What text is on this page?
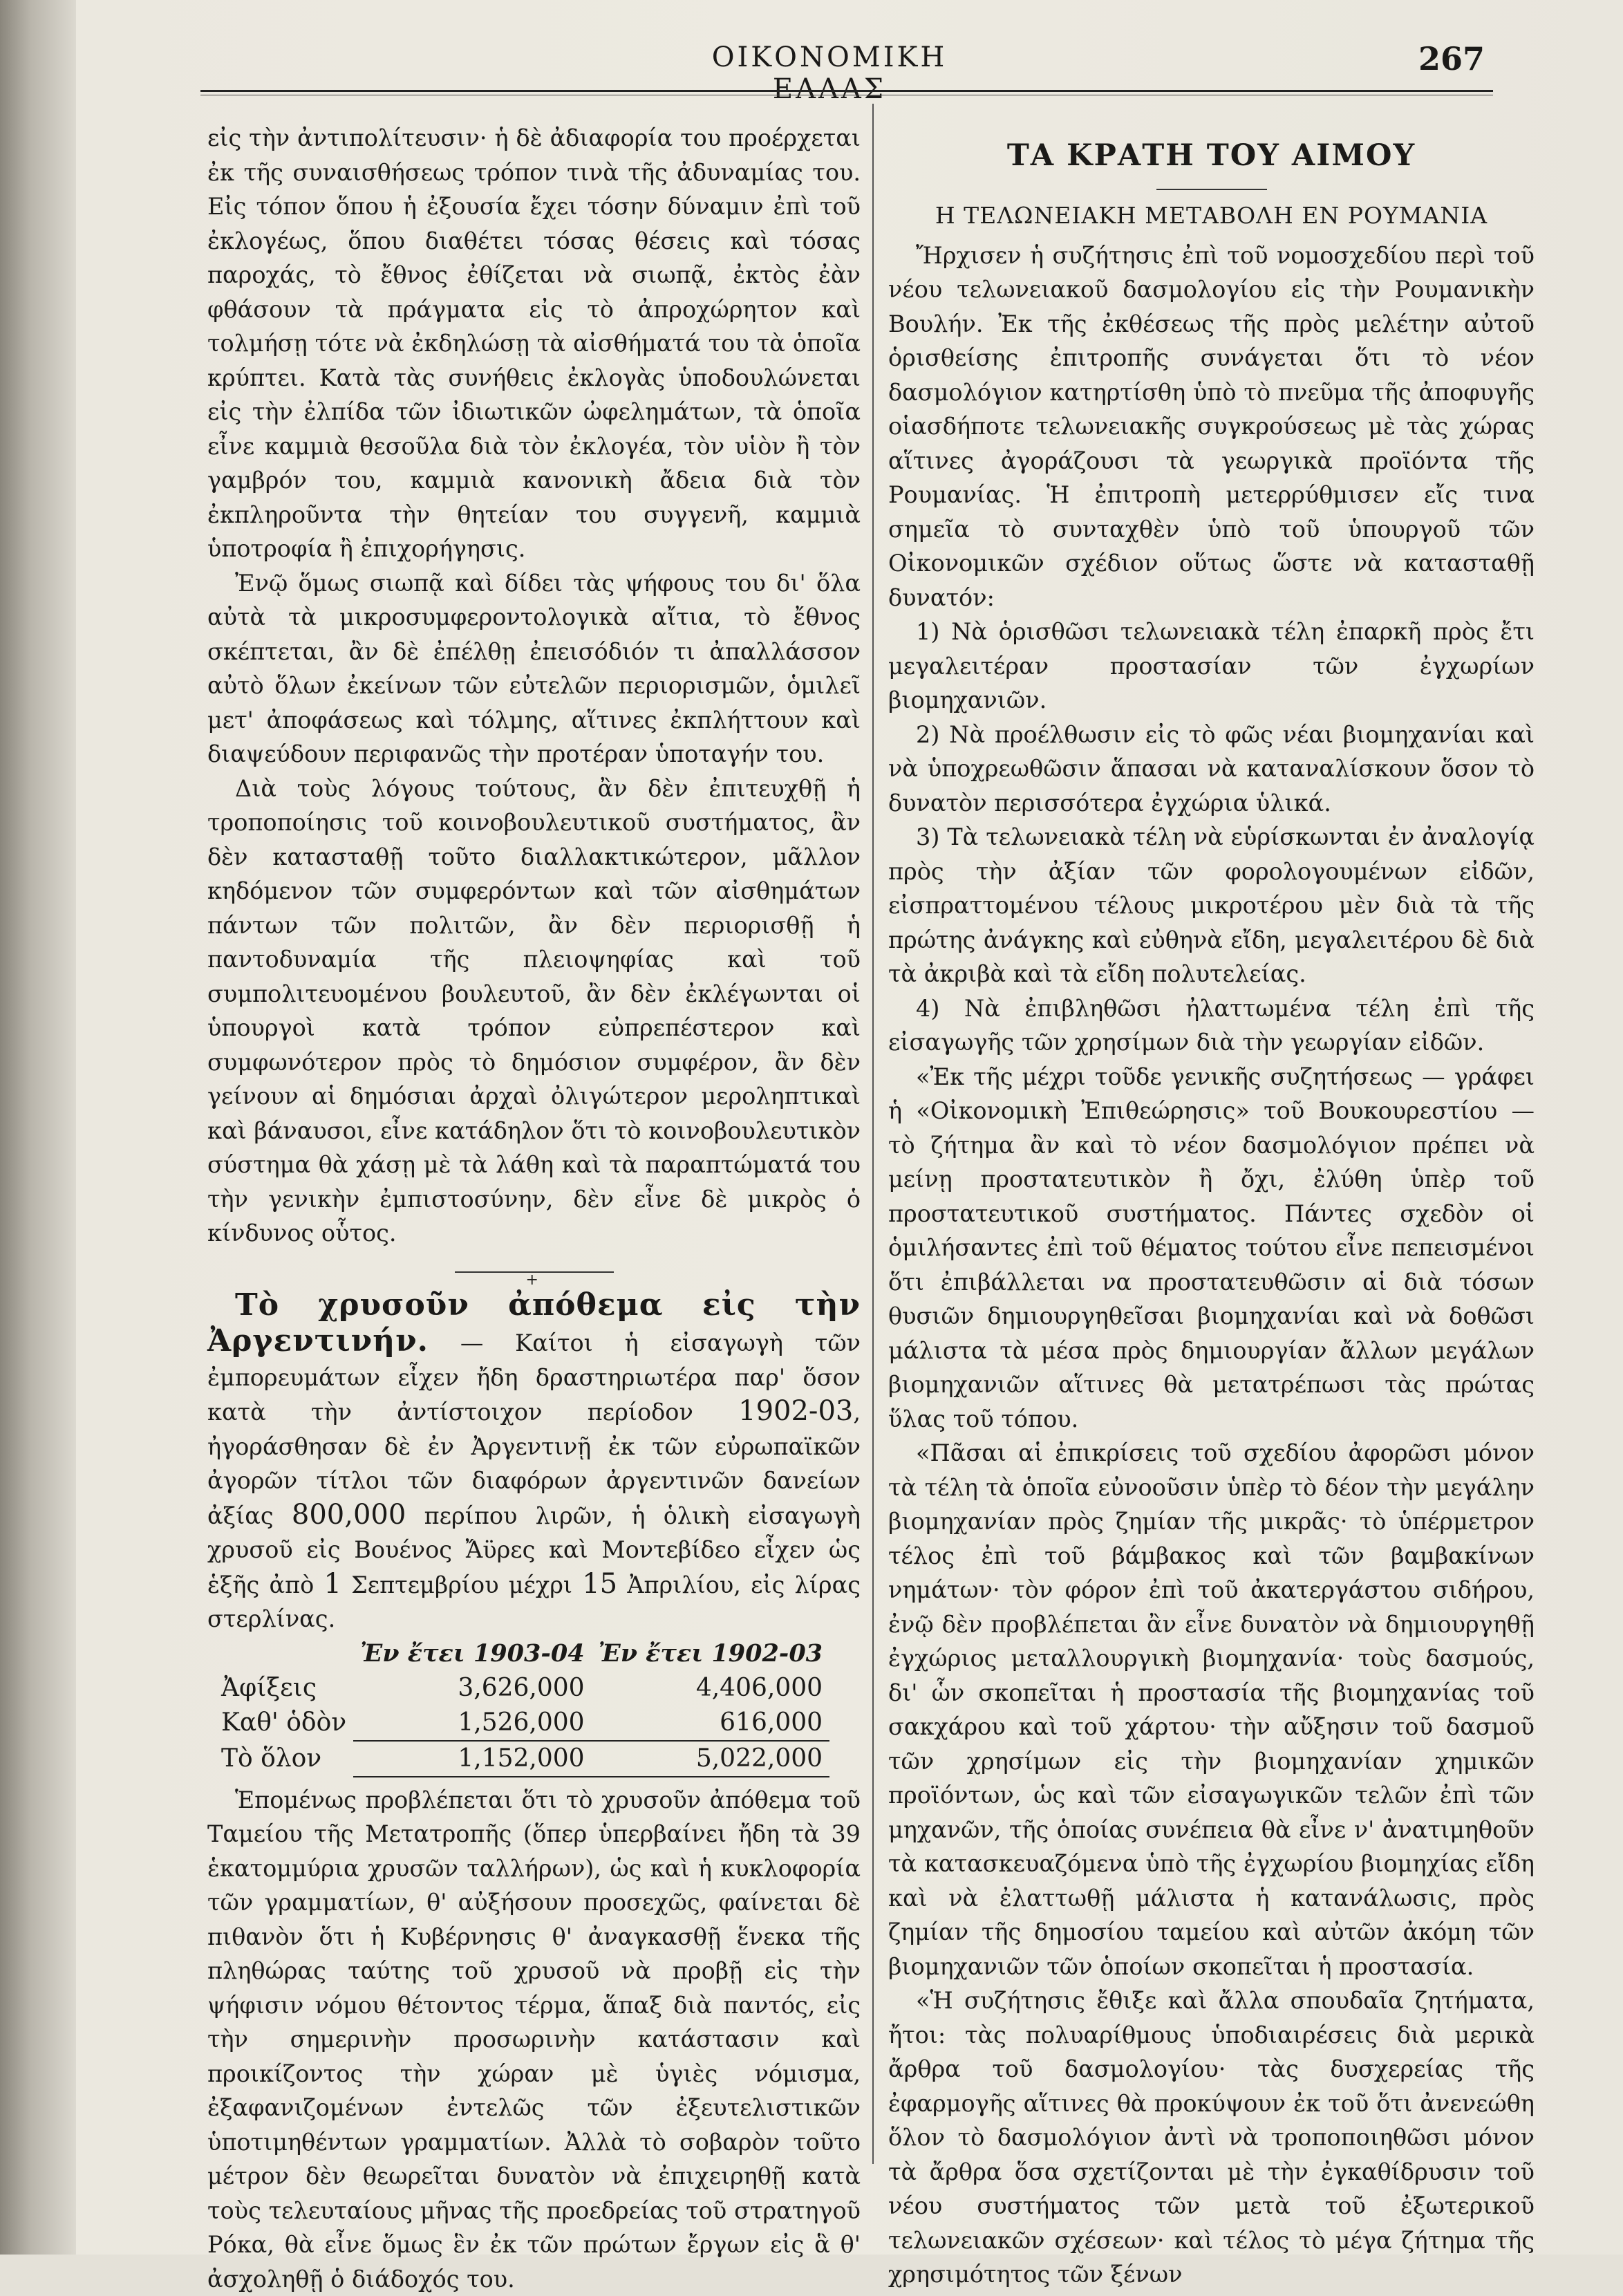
ΟΙΚΟΝΟΜΙΚΗ ΕΛΛΑΣ
267

εἰς τὴν ἀντιπολίτευσιν· ἡ δὲ ἀδιαφορία του προέρχεται ἐκ τῆς συναισθήσεως τρόπον τινὰ τῆς ἀδυναμίας του. Εἰς τόπον ὅπου ἡ ἐξουσία ἔχει τόσην δύναμιν ἐπὶ τοῦ ἐκλογέως, ὅπου διαθέτει τόσας θέσεις καὶ τόσας παροχάς, τὸ ἔθνος ἐθίζεται νὰ σιωπᾷ, ἐκτὸς ἐὰν φθάσουν τὰ πράγματα εἰς τὸ ἀπροχώρητον καὶ τολμήσῃ τότε νὰ ἐκδηλώσῃ τὰ αἰσθήματά του τὰ ὁποῖα κρύπτει. Κατὰ τὰς συνήθεις ἐκλογὰς ὑποδουλώνεται εἰς τὴν ἐλπίδα τῶν ἰδιωτικῶν ὠφελημάτων, τὰ ὁποῖα εἶνε καμμιὰ θεσοῦλα διὰ τὸν ἐκλογέα, τὸν υἱὸν ἢ τὸν γαμβρόν του, καμμιὰ κανονικὴ ἄδεια διὰ τὸν ἐκπληροῦντα τὴν θητείαν του συγγενῆ, καμμιὰ ὑποτροφία ἢ ἐπιχορήγησις.

Ἐνῷ ὅμως σιωπᾷ καὶ δίδει τὰς ψήφους του δι' ὅλα αὐτὰ τὰ μικροσυμφεροντολογικὰ αἴτια, τὸ ἔθνος σκέπτεται, ἂν δὲ ἐπέλθῃ ἐπεισόδιόν τι ἀπαλλάσσον αὐτὸ ὅλων ἐκείνων τῶν εὐτελῶν περιορισμῶν, ὁμιλεῖ μετ' ἀποφάσεως καὶ τόλμης, αἵτινες ἐκπλήττουν καὶ διαψεύδουν περιφανῶς τὴν προτέραν ὑποταγήν του.

Διὰ τοὺς λόγους τούτους, ἂν δὲν ἐπιτευχθῇ ἡ τροποποίησις τοῦ κοινοβουλευτικοῦ συστήματος, ἂν δὲν κατασταθῇ τοῦτο διαλλακτικώτερον, μᾶλλον κηδόμενον τῶν συμφερόντων καὶ τῶν αἰσθημάτων πάντων τῶν πολιτῶν, ἂν δὲν περιορισθῇ ἡ παντοδυναμία τῆς πλειοψηφίας καὶ τοῦ συμπολιτευομένου βουλευτοῦ, ἂν δὲν ἐκλέγωνται οἱ ὑπουργοὶ κατὰ τρόπον εὐπρεπέστερον καὶ συμφωνότερον πρὸς τὸ δημόσιον συμφέρον, ἂν δὲν γείνουν αἱ δημόσιαι ἀρχαὶ ὀλιγώτερον μεροληπτικαὶ καὶ βάναυσοι, εἶνε κατάδηλον ὅτι τὸ κοινοβουλευτικὸν σύστημα θὰ χάσῃ μὲ τὰ λάθη καὶ τὰ παραπτώματά του τὴν γενικὴν ἐμπιστοσύνην, δὲν εἶνε δὲ μικρὸς ὁ κίνδυνος οὗτος.

+

Τὸ χρυσοῦν ἀπόθεμα εἰς τὴν Ἀργεντινήν. — Καίτοι ἡ εἰσαγωγὴ τῶν ἐμπορευμάτων εἶχεν ἤδη δραστηριωτέρα παρ' ὅσον κατὰ τὴν ἀντίστοιχον περίοδον 1902-03, ἠγοράσθησαν δὲ ἐν Ἀργεντινῇ ἐκ τῶν εὐρωπαϊκῶν ἀγορῶν τίτλοι τῶν διαφόρων ἀργεντινῶν δανείων ἀξίας 800,000 περίπου λιρῶν, ἡ ὁλικὴ εἰσαγωγὴ χρυσοῦ εἰς Βουένος Ἄϋρες καὶ Μοντεβίδεο εἶχεν ὡς ἑξῆς ἀπὸ 1 Σεπτεμβρίου μέχρι 15 Ἀπριλίου, εἰς λίρας στερλίνας.

	Ἐν ἔτει 1903-04	Ἐν ἔτει 1902-03
Ἀφίξεις	3,626,000	4,406,000
Καθ' ὁδὸν	1,526,000	616,000
Τὸ ὅλον	1,152,000	5,022,000

Ἑπομένως προβλέπεται ὅτι τὸ χρυσοῦν ἀπόθεμα τοῦ Ταμείου τῆς Μετατροπῆς (ὅπερ ὑπερβαίνει ἤδη τὰ 39 ἑκατομμύρια χρυσῶν ταλλήρων), ὡς καὶ ἡ κυκλοφορία τῶν γραμματίων, θ' αὐξήσουν προσεχῶς, φαίνεται δὲ πιθανὸν ὅτι ἡ Κυβέρνησις θ' ἀναγκασθῇ ἕνεκα τῆς πληθώρας ταύτης τοῦ χρυσοῦ νὰ προβῇ εἰς τὴν ψήφισιν νόμου θέτοντος τέρμα, ἅπαξ διὰ παντός, εἰς τὴν σημερινὴν προσωρινὴν κατάστασιν καὶ προικίζοντος τὴν χώραν μὲ ὑγιὲς νόμισμα, ἐξαφανιζομένων ἐντελῶς τῶν ἐξευτελιστικῶν ὑποτιμηθέντων γραμματίων. Ἀλλὰ τὸ σοβαρὸν τοῦτο μέτρον δὲν θεωρεῖται δυνατὸν νὰ ἐπιχειρηθῇ κατὰ τοὺς τελευταίους μῆνας τῆς προεδρείας τοῦ στρατηγοῦ Ρόκα, θὰ εἶνε ὅμως ἓν ἐκ τῶν πρώτων ἔργων εἰς ἃ θ' ἀσχοληθῇ ὁ διάδοχός του.

ΤΑ ΚΡΑΤΗ ΤΟΥ ΑΙΜΟΥ
Η ΤΕΛΩΝΕΙΑΚΗ ΜΕΤΑΒΟΛΗ ΕΝ ΡΟΥΜΑΝΙΑ

Ἤρχισεν ἡ συζήτησις ἐπὶ τοῦ νομοσχεδίου περὶ τοῦ νέου τελωνειακοῦ δασμολογίου εἰς τὴν Ρουμανικὴν Βουλήν. Ἐκ τῆς ἐκθέσεως τῆς πρὸς μελέτην αὐτοῦ ὁρισθείσης ἐπιτροπῆς συνάγεται ὅτι τὸ νέον δασμολόγιον κατηρτίσθη ὑπὸ τὸ πνεῦμα τῆς ἀποφυγῆς οἱασδήποτε τελωνειακῆς συγκρούσεως μὲ τὰς χώρας αἵτινες ἀγοράζουσι τὰ γεωργικὰ προϊόντα τῆς Ρουμανίας. Ἡ ἐπιτροπὴ μετερρύθμισεν εἴς τινα σημεῖα τὸ συνταχθὲν ὑπὸ τοῦ ὑπουργοῦ τῶν Οἰκονομικῶν σχέδιον οὕτως ὥστε νὰ κατασταθῇ δυνατόν:

1) Νὰ ὁρισθῶσι τελωνειακὰ τέλη ἐπαρκῆ πρὸς ἔτι μεγαλειτέραν προστασίαν τῶν ἐγχωρίων βιομηχανιῶν.

2) Νὰ προέλθωσιν εἰς τὸ φῶς νέαι βιομηχανίαι καὶ νὰ ὑποχρεωθῶσιν ἅπασαι νὰ καταναλίσκουν ὅσον τὸ δυνατὸν περισσότερα ἐγχώρια ὑλικά.

3) Τὰ τελωνειακὰ τέλη νὰ εὑρίσκωνται ἐν ἀναλογίᾳ πρὸς τὴν ἀξίαν τῶν φορολογουμένων εἰδῶν, εἰσπραττομένου τέλους μικροτέρου μὲν διὰ τὰ τῆς πρώτης ἀνάγκης καὶ εὐθηνὰ εἴδη, μεγαλειτέρου δὲ διὰ τὰ ἀκριβὰ καὶ τὰ εἴδη πολυτελείας.

4) Νὰ ἐπιβληθῶσι ἠλαττωμένα τέλη ἐπὶ τῆς εἰσαγωγῆς τῶν χρησίμων διὰ τὴν γεωργίαν εἰδῶν.

«Ἐκ τῆς μέχρι τοῦδε γενικῆς συζητήσεως — γράφει ἡ «Οἰκονομικὴ Ἐπιθεώρησις» τοῦ Βουκουρεστίου — τὸ ζήτημα ἂν καὶ τὸ νέον δασμολόγιον πρέπει νὰ μείνῃ προστατευτικὸν ἢ ὄχι, ἐλύθη ὑπὲρ τοῦ προστατευτικοῦ συστήματος. Πάντες σχεδὸν οἱ ὁμιλήσαντες ἐπὶ τοῦ θέματος τούτου εἶνε πεπεισμένοι ὅτι ἐπιβάλλεται να προστατευθῶσιν αἱ διὰ τόσων θυσιῶν δημιουργηθεῖσαι βιομηχανίαι καὶ νὰ δοθῶσι μάλιστα τὰ μέσα πρὸς δημιουργίαν ἄλλων μεγάλων βιομηχανιῶν αἵτινες θὰ μετατρέπωσι τὰς πρώτας ὕλας τοῦ τόπου.

«Πᾶσαι αἱ ἐπικρίσεις τοῦ σχεδίου ἀφορῶσι μόνον τὰ τέλη τὰ ὁποῖα εὐνοοῦσιν ὑπὲρ τὸ δέον τὴν μεγάλην βιομηχανίαν πρὸς ζημίαν τῆς μικρᾶς· τὸ ὑπέρμετρον τέλος ἐπὶ τοῦ βάμβακος καὶ τῶν βαμβακίνων νημάτων· τὸν φόρον ἐπὶ τοῦ ἀκατεργάστου σιδήρου, ἐνῷ δὲν προβλέπεται ἂν εἶνε δυνατὸν νὰ δημιουργηθῇ ἐγχώριος μεταλλουργικὴ βιομηχανία· τοὺς δασμούς, δι' ὧν σκοπεῖται ἡ προστασία τῆς βιομηχανίας τοῦ σακχάρου καὶ τοῦ χάρτου· τὴν αὔξησιν τοῦ δασμοῦ τῶν χρησίμων εἰς τὴν βιομηχανίαν χημικῶν προϊόντων, ὡς καὶ τῶν εἰσαγωγικῶν τελῶν ἐπὶ τῶν μηχανῶν, τῆς ὁποίας συνέπεια θὰ εἶνε ν' ἀνατιμηθοῦν τὰ κατασκευαζόμενα ὑπὸ τῆς ἐγχωρίου βιομηχίας εἴδη καὶ νὰ ἐλαττωθῇ μάλιστα ἡ κατανάλωσις, πρὸς ζημίαν τῆς δημοσίου ταμείου καὶ αὐτῶν ἀκόμη τῶν βιομηχανιῶν τῶν ὁποίων σκοπεῖται ἡ προστασία.

«Ἡ συζήτησις ἔθιξε καὶ ἄλλα σπουδαῖα ζητήματα, ἤτοι: τὰς πολυαρίθμους ὑποδιαιρέσεις διὰ μερικὰ ἄρθρα τοῦ δασμολογίου· τὰς δυσχερείας τῆς ἐφαρμογῆς αἵτινες θὰ προκύψουν ἐκ τοῦ ὅτι ἀνενεώθη ὅλον τὸ δασμολόγιον ἀντὶ νὰ τροποποιηθῶσι μόνον τὰ ἄρθρα ὅσα σχετίζονται μὲ τὴν ἐγκαθίδρυσιν τοῦ νέου συστήματος τῶν μετὰ τοῦ ἐξωτερικοῦ τελωνειακῶν σχέσεων· καὶ τέλος τὸ μέγα ζήτημα τῆς χρησιμότητος τῶν ξένων
